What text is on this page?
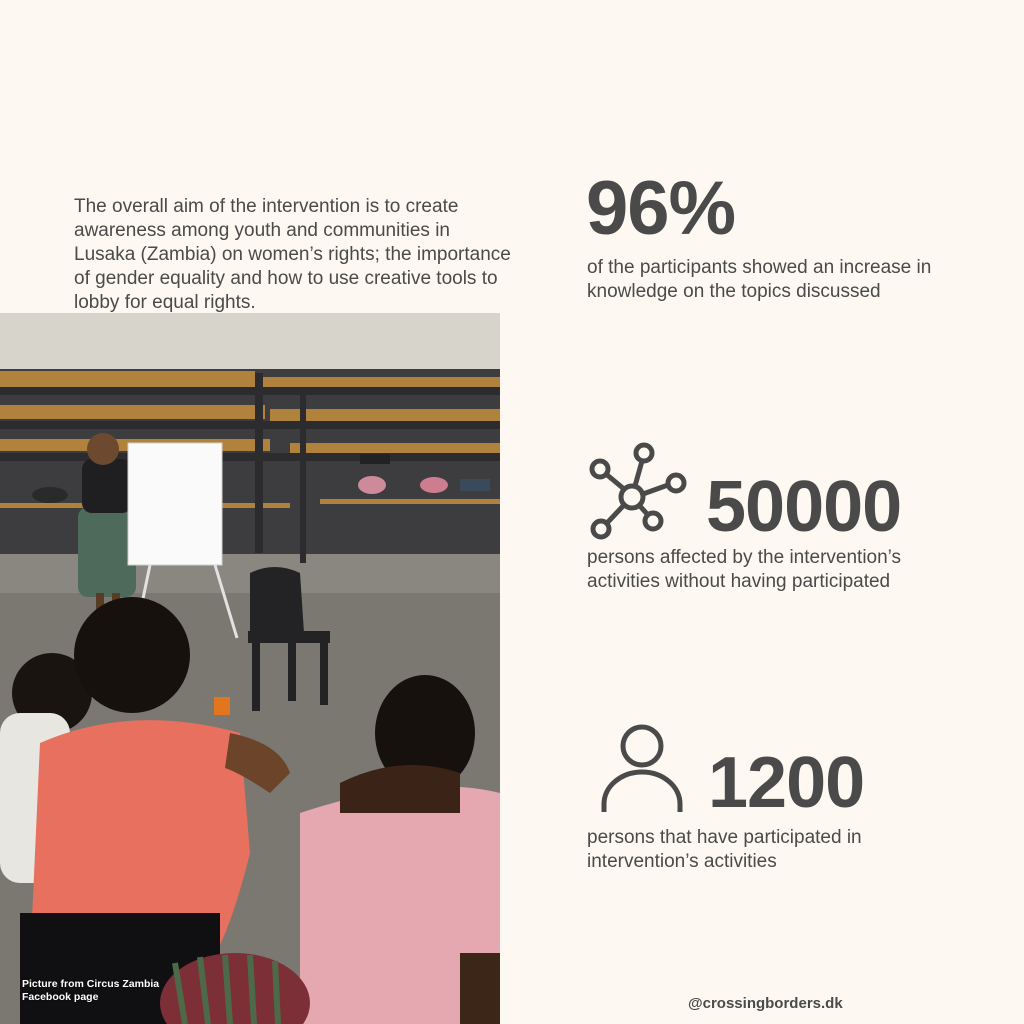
The overall aim of the intervention is to create awareness among youth and communities in Lusaka (Zambia) on women’s rights; the importance of gender equality and how to use creative tools to lobby for equal rights.

Picture from Circus Zambia
Facebook page
96%
of the participants showed an increase in knowledge on the topics discussed
50000
persons affected by the intervention’s activities without having participated
1200
persons that have participated in intervention’s activities
@crossingborders.dk
